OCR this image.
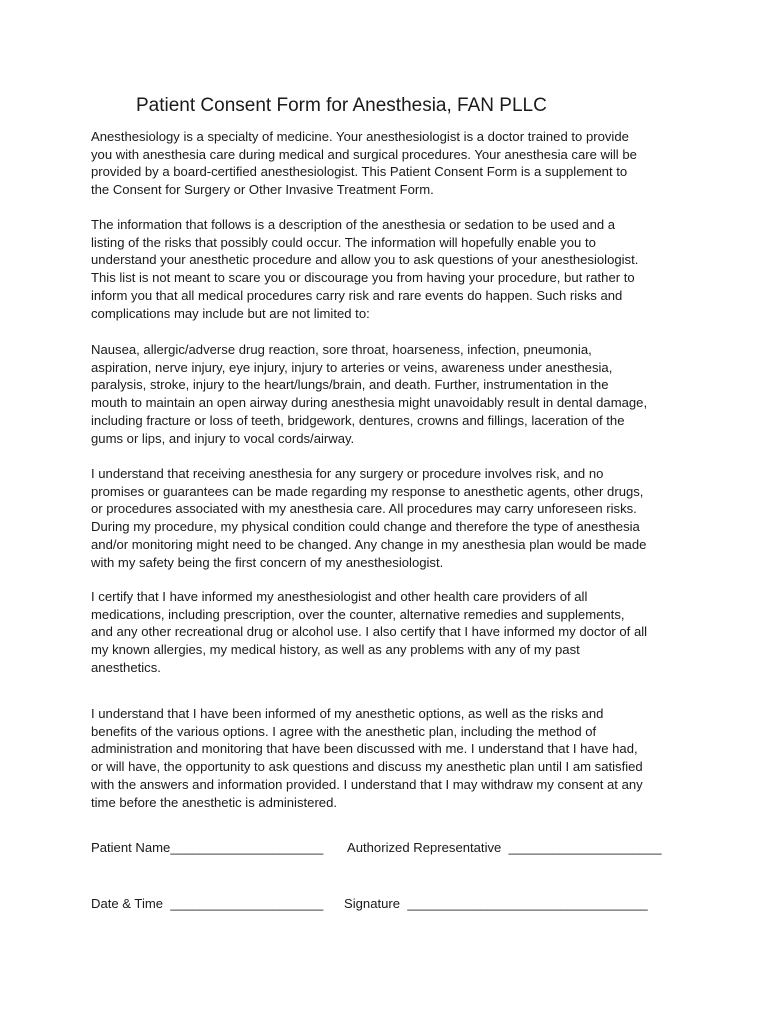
Patient Consent Form for Anesthesia, FAN PLLC

Anesthesiology is a specialty of medicine. Your anesthesiologist is a doctor trained to provide
you with anesthesia care during medical and surgical procedures. Your anesthesia care will be
provided by a board-certified anesthesiologist. This Patient Consent Form is a supplement to
the Consent for Surgery or Other Invasive Treatment Form.

The information that follows is a description of the anesthesia or sedation to be used and a
listing of the risks that possibly could occur. The information will hopefully enable you to
understand your anesthetic procedure and allow you to ask questions of your anesthesiologist.
This list is not meant to scare you or discourage you from having your procedure, but rather to
inform you that all medical procedures carry risk and rare events do happen. Such risks and
complications may include but are not limited to:

Nausea, allergic/adverse drug reaction, sore throat, hoarseness, infection, pneumonia,
aspiration, nerve injury, eye injury, injury to arteries or veins, awareness under anesthesia,
paralysis, stroke, injury to the heart/lungs/brain, and death. Further, instrumentation in the
mouth to maintain an open airway during anesthesia might unavoidably result in dental damage,
including fracture or loss of teeth, bridgework, dentures, crowns and fillings, laceration of the
gums or lips, and injury to vocal cords/airway.

I understand that receiving anesthesia for any surgery or procedure involves risk, and no
promises or guarantees can be made regarding my response to anesthetic agents, other drugs,
or procedures associated with my anesthesia care. All procedures may carry unforeseen risks.
During my procedure, my physical condition could change and therefore the type of anesthesia
and/or monitoring might need to be changed. Any change in my anesthesia plan would be made
with my safety being the first concern of my anesthesiologist.

I certify that I have informed my anesthesiologist and other health care providers of all
medications, including prescription, over the counter, alternative remedies and supplements,
and any other recreational drug or alcohol use. I also certify that I have informed my doctor of all
my known allergies, my medical history, as well as any problems with any of my past
anesthetics.

I understand that I have been informed of my anesthetic options, as well as the risks and
benefits of the various options. I agree with the anesthetic plan, including the method of
administration and monitoring that have been discussed with me. I understand that I have had,
or will have, the opportunity to ask questions and discuss my anesthetic plan until I am satisfied
with the answers and information provided. I understand that I may withdraw my consent at any
time before the anesthetic is administered.

Patient Name_____________________ Authorized Representative  _____________________
Date & Time  _____________________ Signature  _________________________________
